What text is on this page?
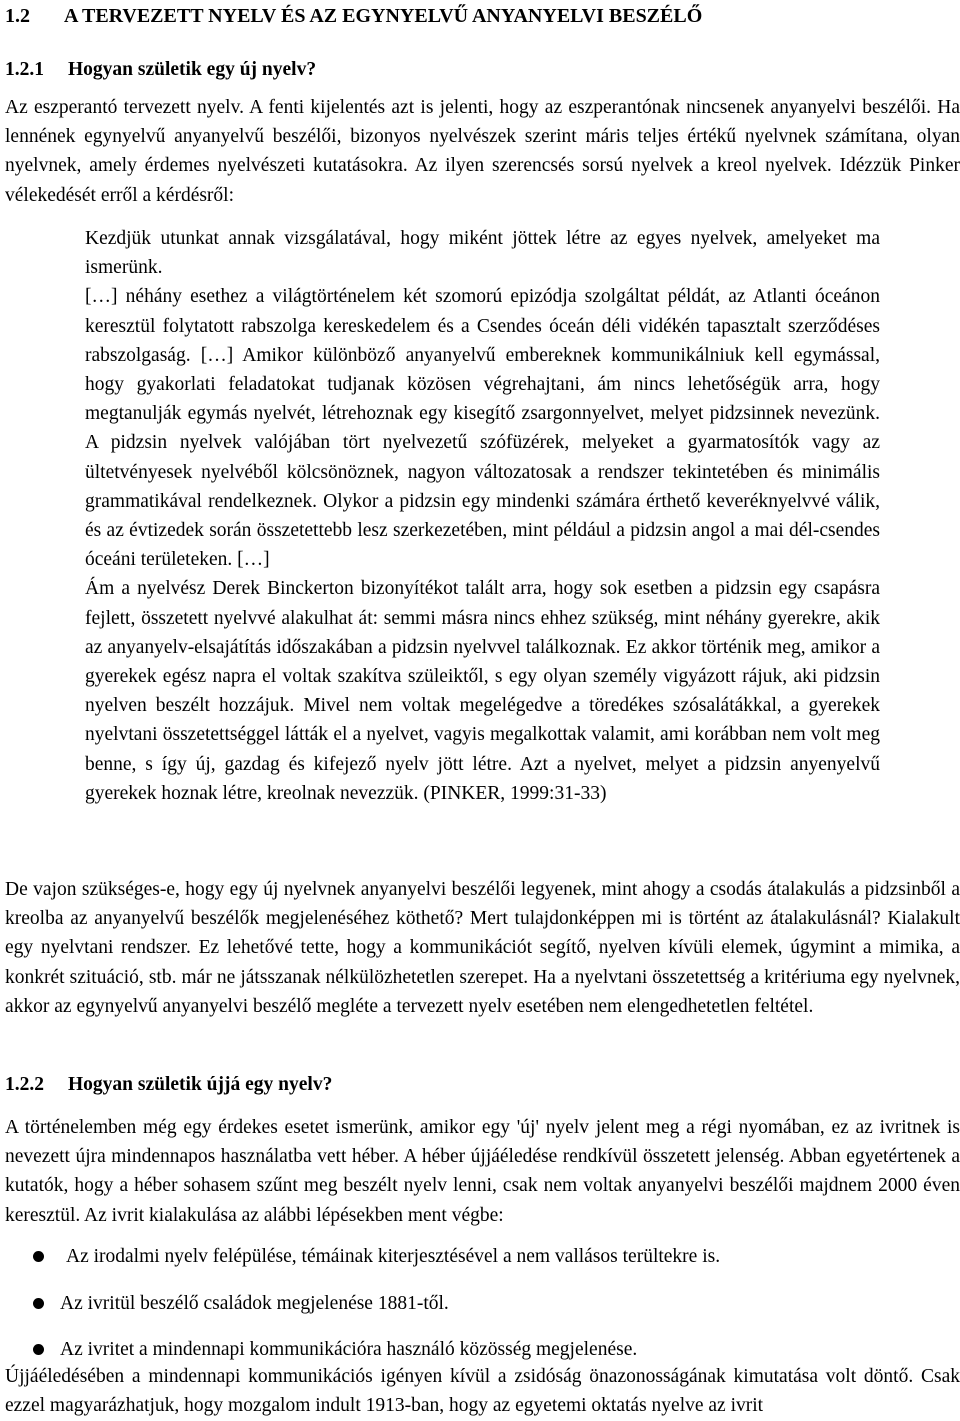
1.2 A TERVEZETT NYELV ÉS AZ EGYNYELVŰ ANYANYELVI BESZÉLŐ
1.2.1 Hogyan születik egy új nyelv?

Az eszperantó tervezett nyelv. A fenti kijelentés azt is jelenti, hogy az eszperantónak nincsenek anyanyelvi beszélői. Ha lennének egynyelvű anyanyelvű beszélői, bizonyos nyelvészek szerint máris teljes értékű nyelvnek számítana, olyan nyelvnek, amely érdemes nyelvészeti kutatásokra. Az ilyen szerencsés sorsú nyelvek a kreol nyelvek. Idézzük Pinker vélekedését erről a kérdésről:

Kezdjük utunkat annak vizsgálatával, hogy miként jöttek létre az egyes nyelvek, amelyeket ma ismerünk.

[…] néhány esethez a világtörténelem két szomorú epizódja szolgáltat példát, az Atlanti óceánon keresztül folytatott rabszolga kereskedelem és a Csendes óceán déli vidékén tapasztalt szerződéses rabszolgaság. […] Amikor különböző anyanyelvű embereknek kommunikálniuk kell egymással, hogy gyakorlati feladatokat tudjanak közösen végrehajtani, ám nincs lehetőségük arra, hogy megtanulják egymás nyelvét, létrehoznak egy kisegítő zsargonnyelvet, melyet pidzsinnek nevezünk. A pidzsin nyelvek valójában tört nyelvezetű szófüzérek, melyeket a gyarmatosítók vagy az ültetvényesek nyelvéből kölcsönöznek, nagyon változatosak a rendszer tekintetében és minimális grammatikával rendelkeznek. Olykor a pidzsin egy mindenki számára érthető keveréknyelvvé válik, és az évtizedek során összetettebb lesz szerkezetében, mint például a pidzsin angol a mai dél-csendes óceáni területeken. […]

Ám a nyelvész Derek Binckerton bizonyítékot talált arra, hogy sok esetben a pidzsin egy csapásra fejlett, összetett nyelvvé alakulhat át: semmi másra nincs ehhez szükség, mint néhány gyerekre, akik az anyanyelv-elsajátítás időszakában a pidzsin nyelvvel találkoznak. Ez akkor történik meg, amikor a gyerekek egész napra el voltak szakítva szüleiktől, s egy olyan személy vigyázott rájuk, aki pidzsin nyelven beszélt hozzájuk. Mivel nem voltak megelégedve a töredékes szósalátákkal, a gyerekek nyelvtani összetettséggel látták el a nyelvet, vagyis megalkottak valamit, ami korábban nem volt meg benne, s így új, gazdag és kifejező nyelv jött létre. Azt a nyelvet, melyet a pidzsin anyenyelvű gyerekek hoznak létre, kreolnak nevezzük. (PINKER, 1999:31-33)

De vajon szükséges-e, hogy egy új nyelvnek anyanyelvi beszélői legyenek, mint ahogy a csodás átalakulás a pidzsinből a kreolba az anyanyelvű beszélők megjelenéséhez köthető? Mert tulajdonképpen mi is történt az átalakulásnál? Kialakult egy nyelvtani rendszer. Ez lehetővé tette, hogy a kommunikációt segítő, nyelven kívüli elemek, úgymint a mimika, a konkrét szituáció, stb. már ne játsszanak nélkülözhetetlen szerepet. Ha a nyelvtani összetettség a kritériuma egy nyelvnek, akkor az egynyelvű anyanyelvi beszélő megléte a tervezett nyelv esetében nem elengedhetetlen feltétel.

1.2.2 Hogyan születik újjá egy nyelv?

A történelemben még egy érdekes esetet ismerünk, amikor egy 'új' nyelv jelent meg a régi nyomában, ez az ivritnek is nevezett újra mindennapos használatba vett héber. A héber újjáéledése rendkívül összetett jelenség. Abban egyetértenek a kutatók, hogy a héber sohasem szűnt meg beszélt nyelv lenni, csak nem voltak anyanyelvi beszélői majdnem 2000 éven keresztül. Az ivrit kialakulása az alábbi lépésekben ment végbe:

Az irodalmi nyelv felépülése, témáinak kiterjesztésével a nem vallásos terültekre is.
Az ivritül beszélő családok megjelenése 1881-től.
Az ivritet a mindennapi kommunikációra használó közösség megjelenése.

Újjáéledésében a mindennapi kommunikációs igényen kívül a zsidóság önazonosságának kimutatása volt döntő. Csak ezzel magyarázhatjuk, hogy mozgalom indult 1913-ban, hogy az egyetemi oktatás nyelve az ivrit
